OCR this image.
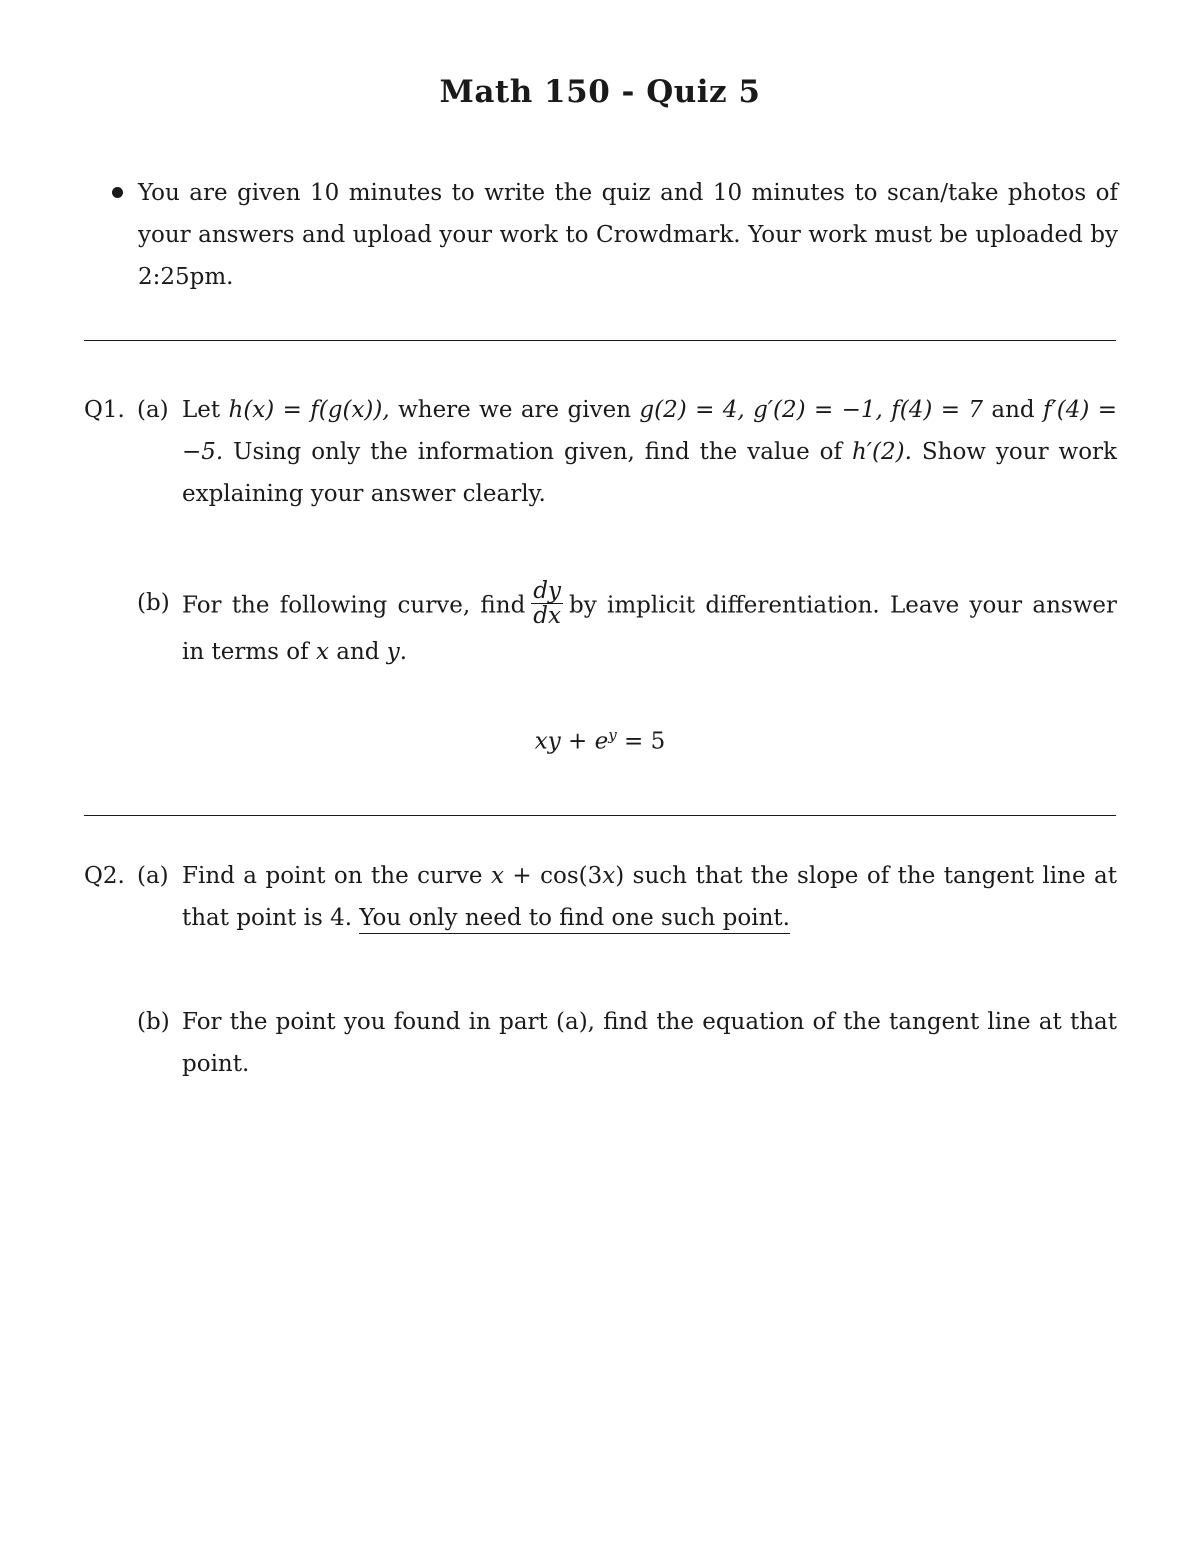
Math 150 - Quiz 5
You are given 10 minutes to write the quiz and 10 minutes to scan/take photos of your answers and upload your work to Crowdmark. Your work must be uploaded by 2:25pm.
Q1. (a) Let h(x) = f(g(x)), where we are given g(2) = 4, g′(2) = −1, f(4) = 7 and f′(4) = −5. Using only the information given, find the value of h′(2). Show your work explaining your answer clearly.
(b) For the following curve, find $\frac{dy}{dx}$ by implicit differentiation. Leave your answer in terms of x and y.
xy + $e^y = 5$
Q2. (a) Find a point on the curve x + cos(3x) such that the slope of the tangent line at that point is 4. You only need to find one such point.
(b) For the point you found in part (a), find the equation of the tangent line at that point.
